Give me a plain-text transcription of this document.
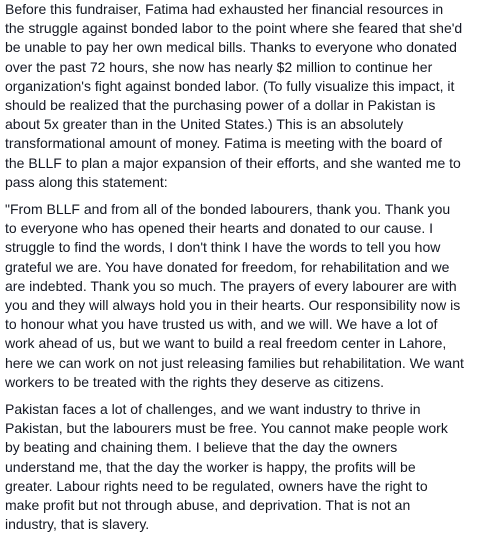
Before this fundraiser, Fatima had exhausted her financial resources in
the struggle against bonded labor to the point where she feared that she'd
be unable to pay her own medical bills. Thanks to everyone who donated
over the past 72 hours, she now has nearly $2 million to continue her
organization's fight against bonded labor. (To fully visualize this impact, it
should be realized that the purchasing power of a dollar in Pakistan is
about 5x greater than in the United States.) This is an absolutely
transformational amount of money. Fatima is meeting with the board of
the BLLF to plan a major expansion of their efforts, and she wanted me to
pass along this statement:
"From BLLF and from all of the bonded labourers, thank you. Thank you
to everyone who has opened their hearts and donated to our cause. I
struggle to find the words, I don't think I have the words to tell you how
grateful we are. You have donated for freedom, for rehabilitation and we
are indebted. Thank you so much. The prayers of every labourer are with
you and they will always hold you in their hearts. Our responsibility now is
to honour what you have trusted us with, and we will. We have a lot of
work ahead of us, but we want to build a real freedom center in Lahore,
here we can work on not just releasing families but rehabilitation. We want
workers to be treated with the rights they deserve as citizens.
Pakistan faces a lot of challenges, and we want industry to thrive in
Pakistan, but the labourers must be free. You cannot make people work
by beating and chaining them. I believe that the day the owners
understand me, that the day the worker is happy, the profits will be
greater. Labour rights need to be regulated, owners have the right to
make profit but not through abuse, and deprivation. That is not an
industry, that is slavery.
